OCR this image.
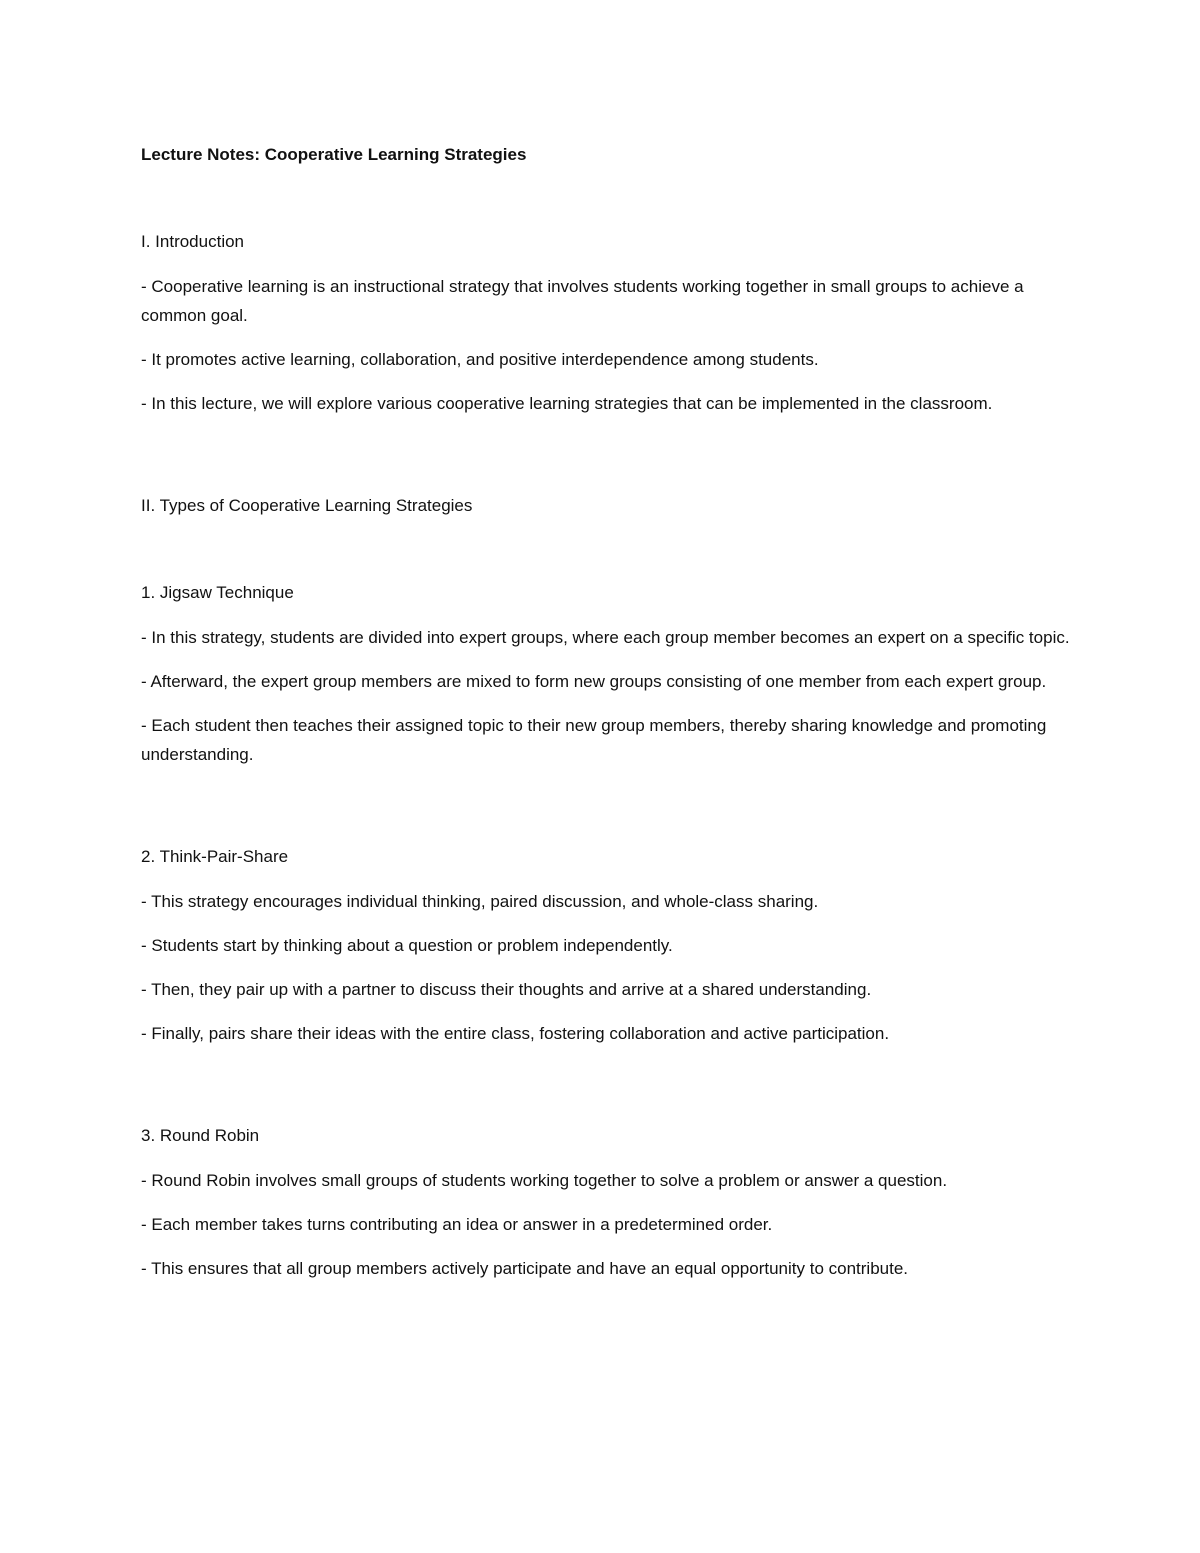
Lecture Notes: Cooperative Learning Strategies

I. Introduction

- Cooperative learning is an instructional strategy that involves students working together in small groups to achieve a common goal.

- It promotes active learning, collaboration, and positive interdependence among students.

- In this lecture, we will explore various cooperative learning strategies that can be implemented in the classroom.

II. Types of Cooperative Learning Strategies

1. Jigsaw Technique

- In this strategy, students are divided into expert groups, where each group member becomes an expert on a specific topic.

- Afterward, the expert group members are mixed to form new groups consisting of one member from each expert group.

- Each student then teaches their assigned topic to their new group members, thereby sharing knowledge and promoting understanding.

2. Think-Pair-Share

- This strategy encourages individual thinking, paired discussion, and whole-class sharing.

- Students start by thinking about a question or problem independently.

- Then, they pair up with a partner to discuss their thoughts and arrive at a shared understanding.

- Finally, pairs share their ideas with the entire class, fostering collaboration and active participation.

3. Round Robin

- Round Robin involves small groups of students working together to solve a problem or answer a question.

- Each member takes turns contributing an idea or answer in a predetermined order.

- This ensures that all group members actively participate and have an equal opportunity to contribute.
